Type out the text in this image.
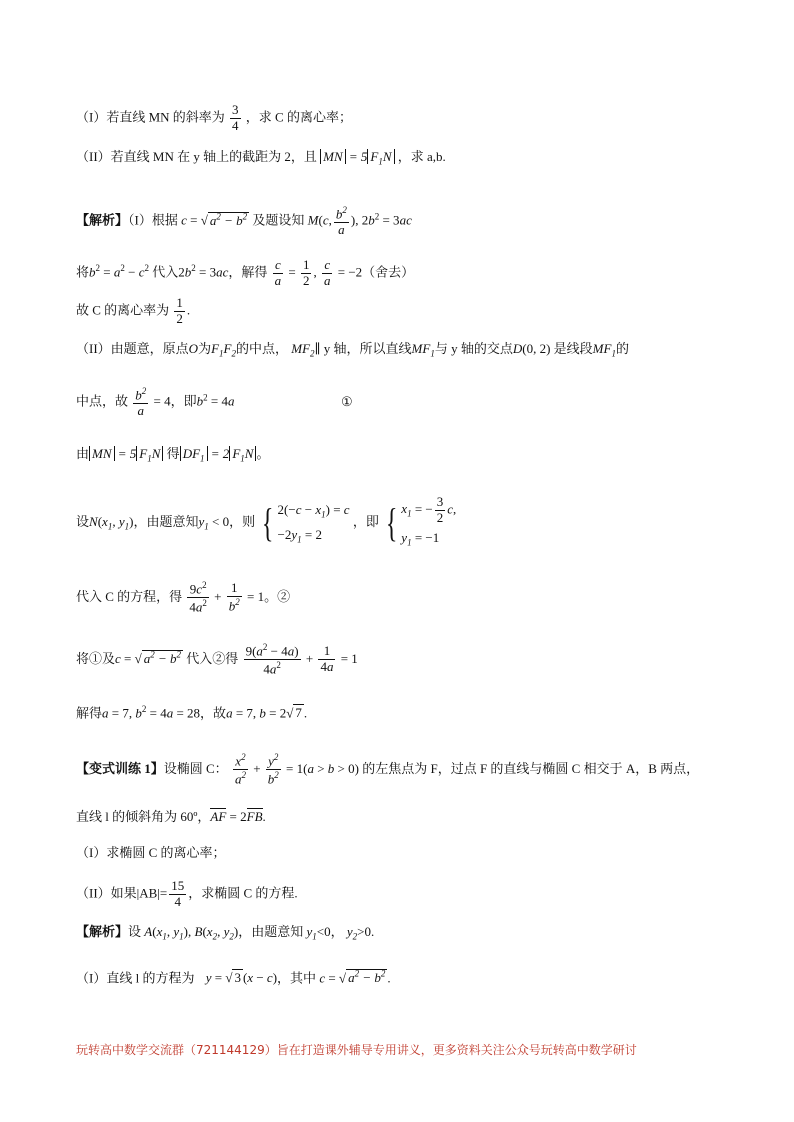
（I）若直线 MN 的斜率为 $\frac{3}{4}$ ，求 C 的离心率；
（II）若直线 MN 在 y 轴上的截距为 2，且 MN = 5 $F_1N$ ，求 a,b.
【解析】（I）根据 c = √ $a^2 - b^2$ 及题设知 M(c, $\frac{b^2}{a}$ ), $2b^2 = 3ac$
将$b^2 = a^2 - c^2$ 代入$2b^2 = 3ac$，解得 $\frac{c}{a} = \frac{1}{2}$ , $\frac{c}{a} = -2$（舍去）
故 C 的离心率为 $\frac{1}{2}$ .
（II）由题意，原点O为$F_1F_2$的中点， $MF_2\parallel$ y 轴，所以直线$MF_1$与 y 轴的交点D(0, 2) 是线段$MF_1$的
中点，故 $\frac{b^2}{a} = 4$，即$b^2 = 4a$	①
由 MN = 5 $F_1N$ 得 $DF_1 = 2$ $F_1N$ 。
设$N(x_1$, $y_1$)，由题意知$y_1 < 0$，则 { $2(-c - x_1) = c$
$-2y_1 = 2$ ，即 { $x_1$ = − $\frac{3}{2} c$,
$y_1 = -1$
代入 C 的方程，得 $\frac{9c^2}{4a^2} + \frac{1}{b^2} = 1$。②
将①及c = √ $a^2 - b^2$ 代入②得 $\frac{9(a^2 - 4a)}{4a^2} + \frac{1}{4a} = 1$
解得a = 7, $b^2 = 4a = 28$，故a = 7, b = 2√ 7 .
【变式训练 1】设椭圆 C： $\frac{x^2}{a^2} + \frac{y^2}{b^2} = 1(a > b > 0)$ 的左焦点为 F，过点 F 的直线与椭圆 C 相交于 A，B 两点，
直线 l 的倾斜角为 60º，AF = 2FB.
（I）求椭圆 C 的离心率；
（II）如果$|AB|= \frac{15}{4}$ ，求椭圆 C 的方程.
【解析】设 $A(x_1$, $y_1$), $B(x_2$, $y_2$)，由题意知 $y_1<0$， $y_2>0$.
（I）直线 l 的方程为 y = √ 3 (x − c)，其中 c = √ $a^2 - b^2$ .
玩转高中数学交流群（721144129）旨在打造课外辅导专用讲义，更多资料关注公众号玩转高中数学研讨
